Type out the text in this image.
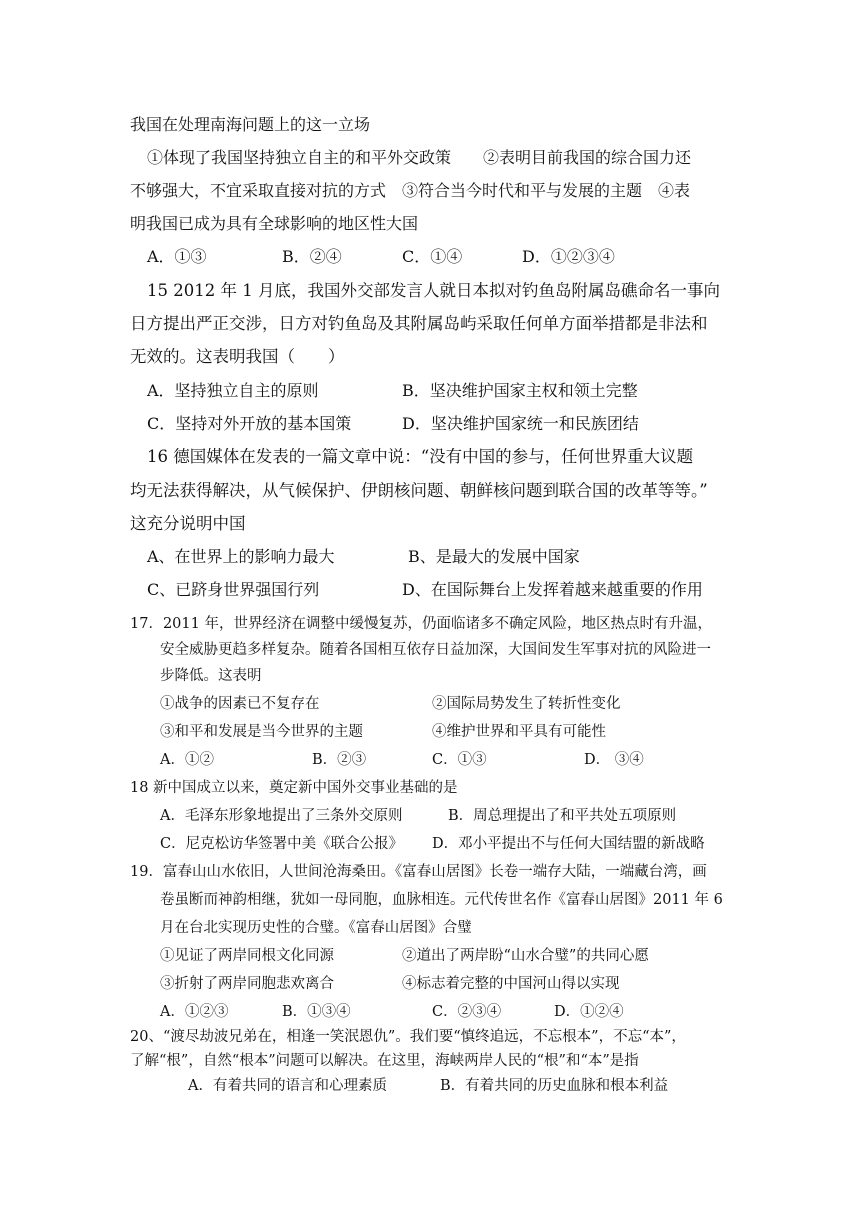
我国在处理南海问题上的这一立场
①体现了我国坚持独立自主的和平外交政策　　②表明目前我国的综合国力还
不够强大，不宜采取直接对抗的方式　③符合当今时代和平与发展的主题　④表
明我国已成为具有全球影响的地区性大国
A．①③	B．②④	C．①④	D．①②③④
15 2012 年 1 月底，我国外交部发言人就日本拟对钓鱼岛附属岛礁命名一事向
日方提出严正交涉，日方对钓鱼岛及其附属岛屿采取任何单方面举措都是非法和
无效的。这表明我国（　　）
A．坚持独立自主的原则	B．坚决维护国家主权和领土完整
C．坚持对外开放的基本国策	D．坚决维护国家统一和民族团结
16 德国媒体在发表的一篇文章中说：“没有中国的参与，任何世界重大议题
均无法获得解决，从气候保护、伊朗核问题、朝鲜核问题到联合国的改革等等。”
这充分说明中国
A、在世界上的影响力最大	B、是最大的发展中国家
C、已跻身世界强国行列	D、在国际舞台上发挥着越来越重要的作用
17．2011 年，世界经济在调整中缓慢复苏，仍面临诸多不确定风险，地区热点时有升温，
安全威胁更趋多样复杂。随着各国相互依存日益加深，大国间发生军事对抗的风险进一
步降低。这表明
①战争的因素已不复存在	②国际局势发生了转折性变化
③和平和发展是当今世界的主题	④维护世界和平具有可能性
A．①②	B．②③	C．①③	D． ③④
18 新中国成立以来，奠定新中国外交事业基础的是
A．毛泽东形象地提出了三条外交原则	B．周总理提出了和平共处五项原则
C．尼克松访华签署中美《联合公报》 D．邓小平提出不与任何大国结盟的新战略
19．富春山山水依旧，人世间沧海桑田。《富春山居图》长卷一端存大陆，一端藏台湾，画
卷虽断而神韵相继，犹如一母同胞，血脉相连。元代传世名作《富春山居图》2011 年 6
月在台北实现历史性的合璧。《富春山居图》合璧
①见证了两岸同根文化同源	②道出了两岸盼“山水合璧”的共同心愿
③折射了两岸同胞悲欢离合	④标志着完整的中国河山得以实现
A．①②③	B．①③④	C．②③④	D．①②④
20、“渡尽劫波兄弟在，相逢一笑泯恩仇”。我们要“慎终追远，不忘根本”，不忘“本”，
了解“根”，自然“根本”问题可以解决。在这里，海峡两岸人民的“根”和“本”是指
A．有着共同的语言和心理素质	B．有着共同的历史血脉和根本利益
